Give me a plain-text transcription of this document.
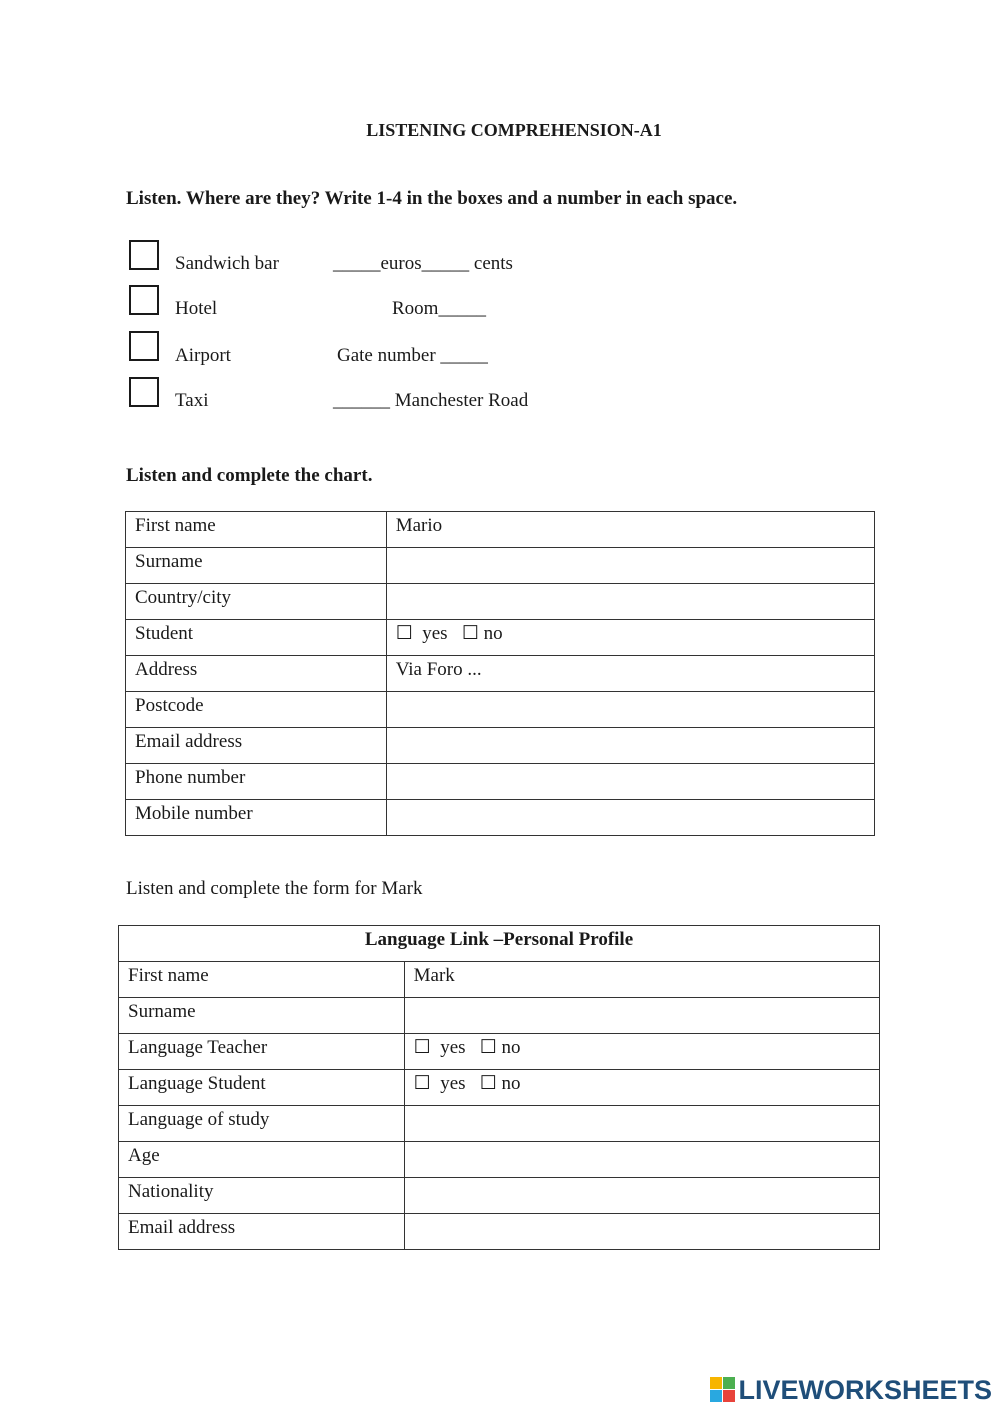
LISTENING COMPREHENSION-A1
Listen. Where are they? Write 1-4 in the boxes and a number in each space.
Sandwich bar	_____euros_____ cents
Hotel	Room_____
Airport	Gate number _____
Taxi	______ Manchester Road
Listen and complete the chart.
First name	Mario
Surname	
Country/city	
Student	☐  yes   ☐ no
Address	Via Foro ...
Postcode	
Email address	
Phone number	
Mobile number	
Listen and complete the form for Mark
Language Link –Personal Profile	
First name	Mark
Surname	
Language Teacher	☐  yes   ☐ no
Language Student	☐  yes   ☐ no
Language of study	
Age	
Nationality	
Email address	
LIVEWORKSHEETS
